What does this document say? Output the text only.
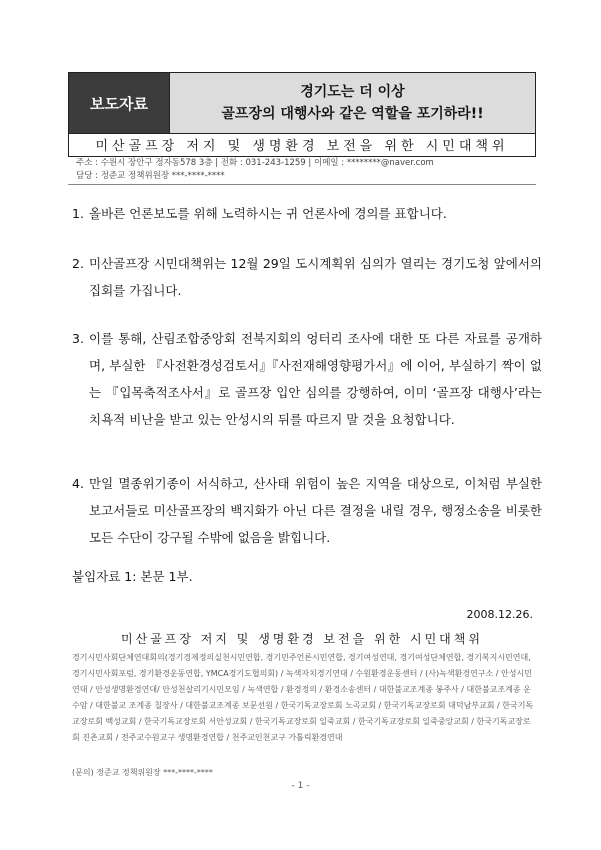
보도자료
경기도는 더 이상
골프장의 대행사와 같은 역할을 포기하라!!
미산골프장 저지 및 생명환경 보전을 위한 시민대책위
주소 : 수원시 장안구 정자동578 3층 | 전화 : 031-243-1259 | 이메일 : ********@naver.com
담당 : 정준교 정책위원장 ***-****-****
1. 올바른 언론보도를 위해 노력하시는 귀 언론사에 경의를 표합니다.
2. 미산골프장 시민대책위는 12월 29일 도시계획위 심의가 열리는 경기도청 앞에서의 집회를 가집니다.
3. 이를 통해, 산림조합중앙회 전북지회의 엉터리 조사에 대한 또 다른 자료를 공개하며, 부실한 『사전환경성검토서』『사전재해영향평가서』에 이어, 부실하기 짝이 없는 『입목축적조사서』로 골프장 입안 심의를 강행하여, 이미 ‘골프장 대행사’라는 치욕적 비난을 받고 있는 안성시의 뒤를 따르지 말 것을 요청합니다.
4. 만일 멸종위기종이 서식하고, 산사태 위험이 높은 지역을 대상으로, 이처럼 부실한 보고서들로 미산골프장의 백지화가 아닌 다른 결정을 내릴 경우, 행정소송을 비롯한 모든 수단이 강구될 수밖에 없음을 밝힙니다.
붙임자료 1: 본문 1부.
2008.12.26.
미산골프장 저지 및 생명환경 보전을 위한 시민대책위
경기시민사회단체연대회의(경기경제정의실천시민연합, 경기민주언론시민연합, 경기여성연대, 경기여성단체연합, 경기복지시민연대, 경기시민사회포럼, 경기환경운동연합, YMCA경기도협의회) / 녹색자치경기연대 / 수원환경운동센터 / (사)녹색환경연구소 / 안성시민연대 / 안성생명환경연대/ 안성천살리기시민모임 / 녹색연합 / 환경정의 / 환경소송센터 / 대한불교조계종 봉주사 / 대한불교조계종 운수암 / 대한불교 조계종 칠장사 / 대한불교조계종 보문선원 / 한국기독교장로회 노곡교회 / 한국기독교장로회 대덕남부교회 / 한국기독교장로회 백성교회 / 한국기독교장로회 서안성교회 / 한국기독교장로회 일죽교회 / 한국기독교장로회 일죽중앙교회 / 한국기독교장로회 진촌교회 / 전주교수원교구 생명환경연합 / 천주교인천교구 가톨릭환경연대
(문의) 정준교 정책위원장 ***-****-****
- 1 -
